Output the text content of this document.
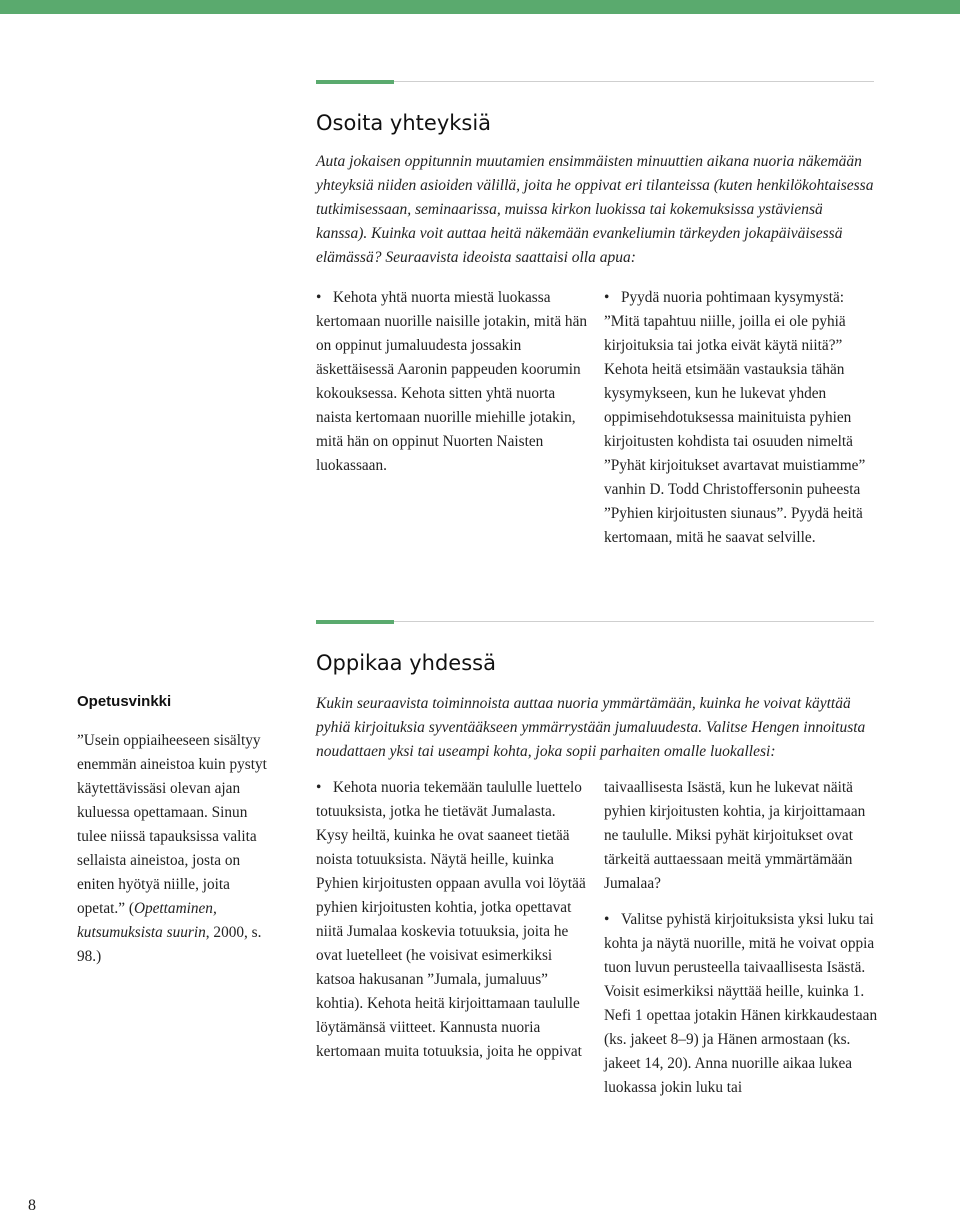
Osoita yhteyksiä

Auta jokaisen oppitunnin muutamien ensimmäisten minuuttien aikana nuoria näkemään yhteyksiä niiden asioiden välillä, joita he oppivat eri tilanteissa (kuten henkilökohtaisessa tutkimisessaan, seminaarissa, muissa kirkon luokissa tai kokemuksissa ystäviensä kanssa). Kuinka voit auttaa heitä näkemään evankeliumin tärkeyden jokapäiväisessä elämässä? Seuraavista ideoista saattaisi olla apua:

• Kehota yhtä nuorta miestä luokassa kertomaan nuorille naisille jotakin, mitä hän on oppinut jumaluudesta jossakin äskettäisessä Aaronin pappeuden koorumin kokouksessa. Kehota sitten yhtä nuorta naista kertomaan nuorille miehille jotakin, mitä hän on oppinut Nuorten Naisten luokassaan.
• Pyydä nuoria pohtimaan kysymystä: ”Mitä tapahtuu niille, joilla ei ole pyhiä kirjoituksia tai jotka eivät käytä niitä?” Kehota heitä etsimään vastauksia tähän kysymykseen, kun he lukevat yhden oppimisehdotuksessa mainituista pyhien kirjoitusten kohdista tai osuuden nimeltä ”Pyhät kirjoitukset avartavat muistiamme” vanhin D. Todd Christoffersonin puheesta ”Pyhien kirjoitusten siunaus”. Pyydä heitä kertomaan, mitä he saavat selville.
Oppikaa yhdessä

Kukin seuraavista toiminnoista auttaa nuoria ymmärtämään, kuinka he voivat käyttää pyhiä kirjoituksia syventääkseen ymmärrystään jumaluudesta. Valitse Hengen innoitusta noudattaen yksi tai useampi kohta, joka sopii parhaiten omalle luokallesi:

• Kehota nuoria tekemään taululle luettelo totuuksista, jotka he tietävät Jumalasta. Kysy heiltä, kuinka he ovat saaneet tietää noista totuuksista. Näytä heille, kuinka Pyhien kirjoitusten oppaan avulla voi löytää pyhien kirjoitusten kohtia, jotka opettavat niitä Jumalaa koskevia totuuksia, joita he ovat luetelleet (he voisivat esimerkiksi katsoa hakusanan ”Jumala, jumaluus” kohtia). Kehota heitä kirjoittamaan taululle löytämänsä viitteet. Kannusta nuoria kertomaan muita totuuksia, joita he oppivat

taivaallisesta Isästä, kun he lukevat näitä pyhien kirjoitusten kohtia, ja kirjoittamaan ne taululle. Miksi pyhät kirjoitukset ovat tärkeitä auttaessaan meitä ymmärtämään Jumalaa?

• Valitse pyhistä kirjoituksista yksi luku tai kohta ja näytä nuorille, mitä he voivat oppia tuon luvun perusteella taivaallisesta Isästä. Voisit esimerkiksi näyttää heille, kuinka 1. Nefi 1 opettaa jotakin Hänen kirkkaudestaan (ks. jakeet 8–9) ja Hänen armostaan (ks. jakeet 14, 20). Anna nuorille aikaa lukea luokassa jokin luku tai

Opetusvinkki

”Usein oppiaiheeseen sisältyy enemmän aineistoa kuin pystyt käytettävissäsi olevan ajan kuluessa opettamaan. Sinun tulee niissä tapauksissa valita sellaista aineistoa, josta on eniten hyötyä niille, joita opetat.” (Opettaminen, kutsumuksista suurin, 2000, s. 98.)

8
